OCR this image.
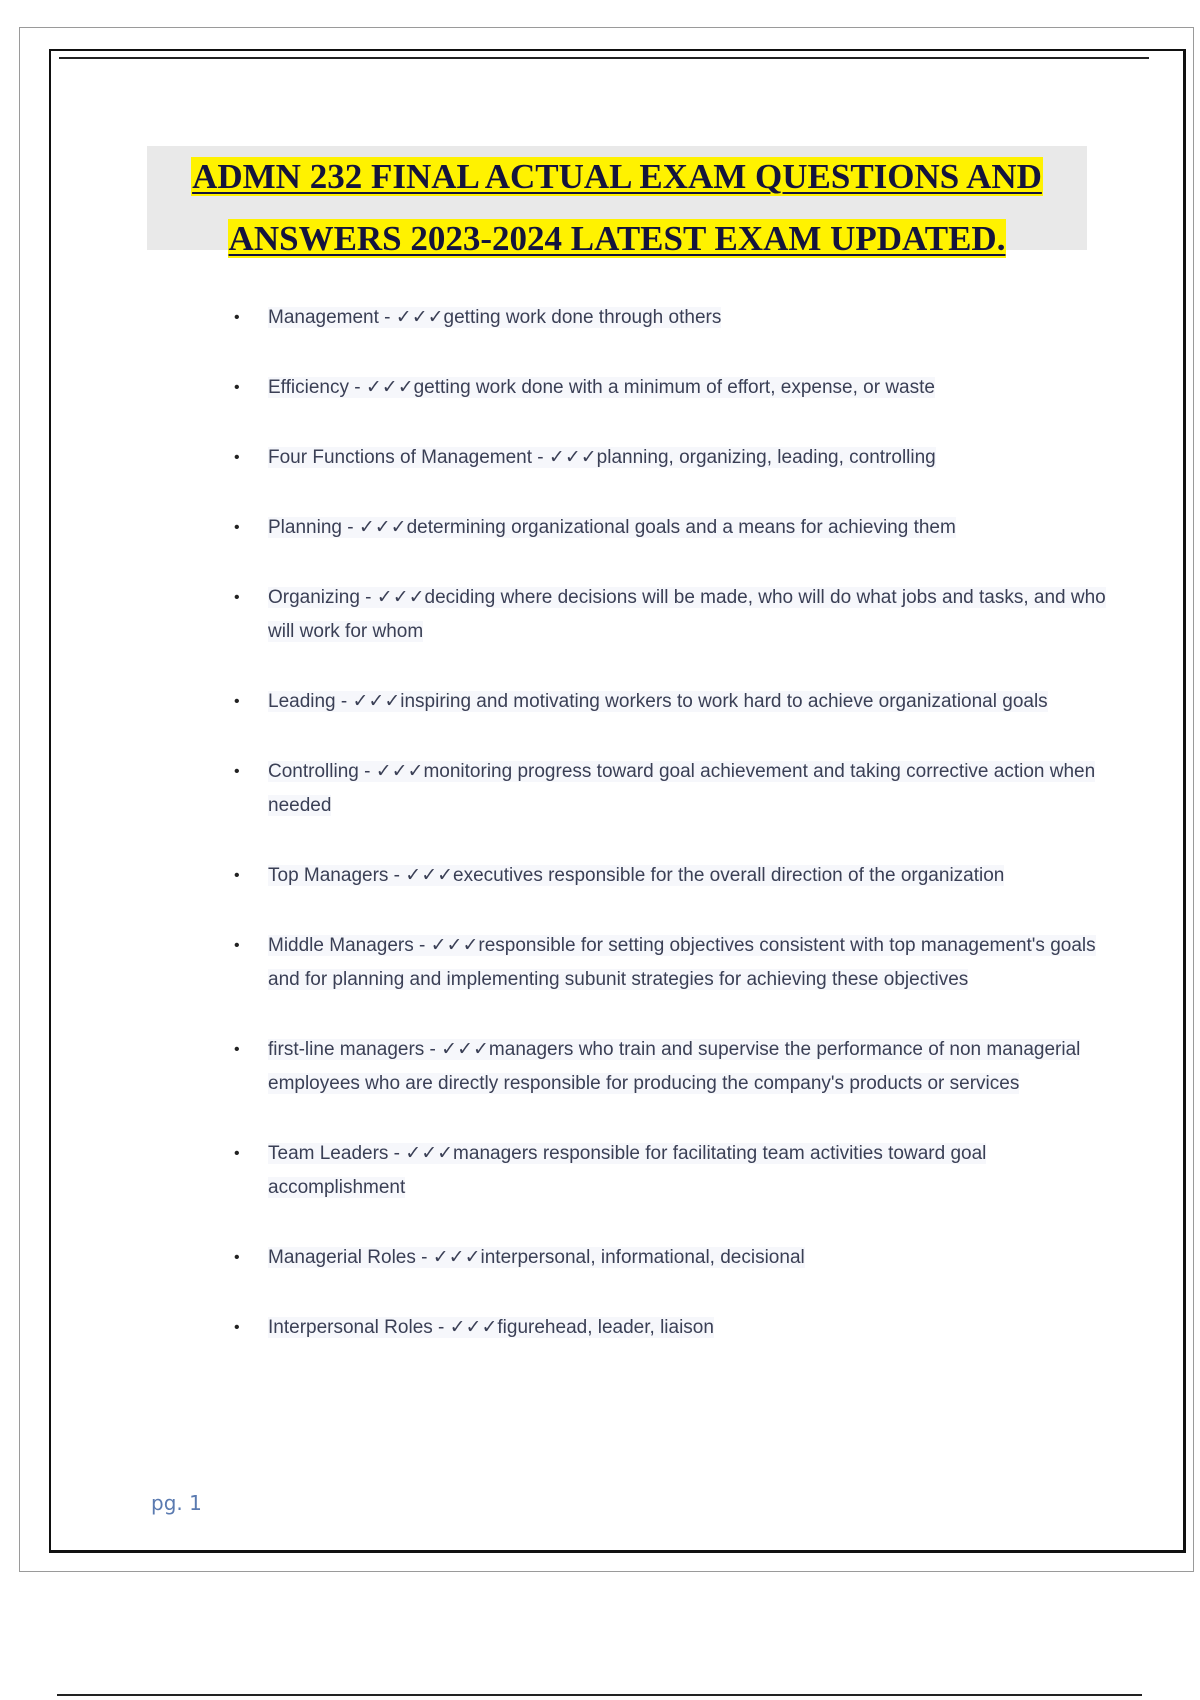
ADMN 232 FINAL ACTUAL EXAM QUESTIONS AND
ANSWERS 2023-2024 LATEST EXAM UPDATED.
• Management - ✓✓✓getting work done through others
• Efficiency - ✓✓✓getting work done with a minimum of effort, expense, or waste
• Four Functions of Management - ✓✓✓planning, organizing, leading, controlling
• Planning - ✓✓✓determining organizational goals and a means for achieving them
• Organizing - ✓✓✓deciding where decisions will be made, who will do what jobs and tasks, and who will work for whom
• Leading - ✓✓✓inspiring and motivating workers to work hard to achieve organizational goals
• Controlling - ✓✓✓monitoring progress toward goal achievement and taking corrective action when needed
• Top Managers - ✓✓✓executives responsible for the overall direction of the organization
• Middle Managers - ✓✓✓responsible for setting objectives consistent with top management's goals and for planning and implementing subunit strategies for achieving these objectives
• first-line managers - ✓✓✓managers who train and supervise the performance of non managerial employees who are directly responsible for producing the company's products or services
• Team Leaders - ✓✓✓managers responsible for facilitating team activities toward goal accomplishment
• Managerial Roles - ✓✓✓interpersonal, informational, decisional
• Interpersonal Roles - ✓✓✓figurehead, leader, liaison
pg. 1
